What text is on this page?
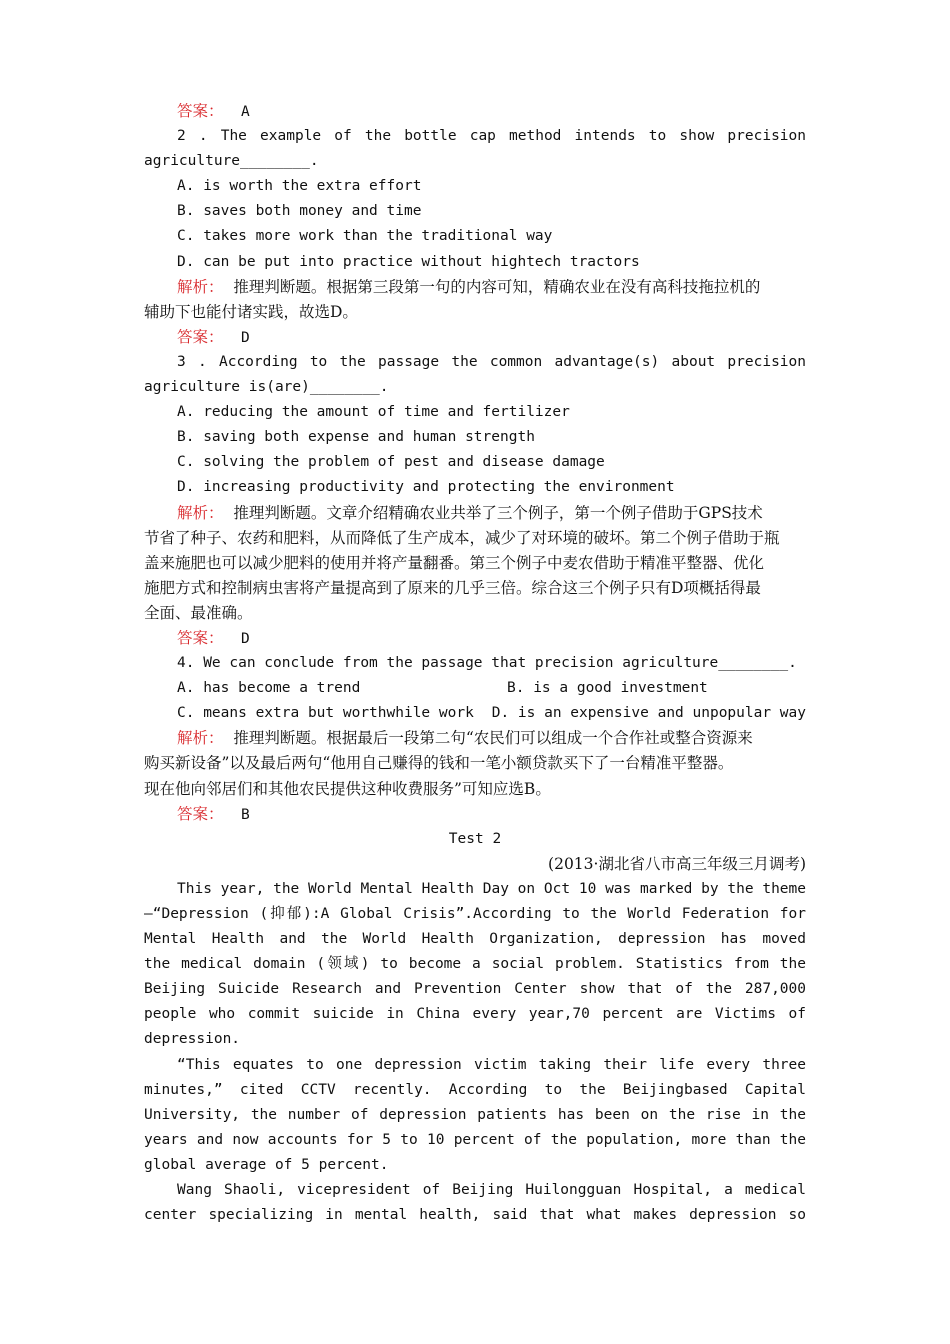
答案： A
2 . The example of the bottle cap method intends to show precision
agriculture________.
A. is worth the extra effort
B. saves both money and time
C. takes more work than the traditional way
D. can be put into practice without hightech tractors
解析： 推理判断题。根据第三段第一句的内容可知，精确农业在没有高科技拖拉机的
辅助下也能付诸实践，故选D。
答案： D
3 . According to the passage the common advantage(s) about precision
agriculture is(are)________.
A. reducing the amount of time and fertilizer
B. saving both expense and human strength
C. solving the problem of pest and disease damage
D. increasing productivity and protecting the environment
解析： 推理判断题。文章介绍精确农业共举了三个例子，第一个例子借助于GPS技术
节省了种子、农药和肥料，从而降低了生产成本，减少了对环境的破坏。第二个例子借助于瓶
盖来施肥也可以减少肥料的使用并将产量翻番。第三个例子中麦农借助于精准平整器、优化
施肥方式和控制病虫害将产量提高到了原来的几乎三倍。综合这三个例子只有D项概括得最
全面、最准确。
答案： D
4. We can conclude from the passage that precision agriculture________.
A. has become a trend	B. is a good investment
C. means extra but worthwhile work	D. is an expensive and unpopular way
解析： 推理判断题。根据最后一段第二句“农民们可以组成一个合作社或整合资源来
购买新设备”以及最后两句“他用自己赚得的钱和一笔小额贷款买下了一台精准平整器。
现在他向邻居们和其他农民提供这种收费服务”可知应选B。
答案： B
Test 2
(2013·湖北省八市高三年级三月调考)
This year, the World Mental Health Day on Oct 10 was marked by the theme
—“Depression (抑郁):A Global Crisis”.According to the World Federation for
Mental Health and the World Health Organization, depression has moved
the medical domain (领域) to become a social problem. Statistics from the
Beijing Suicide Research and Prevention Center show that of the 287,000
people who commit suicide in China every year,70 percent are Victims of
depression.
“This equates to one depression victim taking their life every three
minutes,” cited CCTV recently. According to the Beijingbased Capital
University, the number of depression patients has been on the rise in the
years and now accounts for 5 to 10 percent of the population, more than the
global average of 5 percent.
Wang Shaoli, vicepresident of Beijing Huilongguan Hospital, a medical
center specializing in mental health, said that what makes depression so
